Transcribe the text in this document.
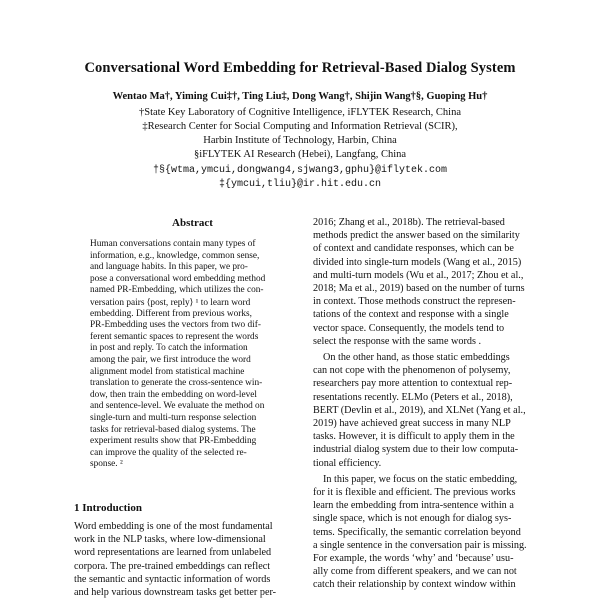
Conversational Word Embedding for Retrieval-Based Dialog System
Wentao Ma†, Yiming Cui‡†, Ting Liu‡, Dong Wang†, Shijin Wang†§, Guoping Hu†
†State Key Laboratory of Cognitive Intelligence, iFLYTEK Research, China
‡Research Center for Social Computing and Information Retrieval (SCIR),
Harbin Institute of Technology, Harbin, China
§iFLYTEK AI Research (Hebei), Langfang, China
†§{wtma,ymcui,dongwang4,sjwang3,gphu}@iflytek.com
‡{ymcui,tliu}@ir.hit.edu.cn
Abstract
Human conversations contain many types of
information, e.g., knowledge, common sense,
and language habits. In this paper, we pro-
pose a conversational word embedding method
named PR-Embedding, which utilizes the con-
versation pairs ⟨post, reply⟩ ¹ to learn word
embedding. Different from previous works,
PR-Embedding uses the vectors from two dif-
ferent semantic spaces to represent the words
in post and reply. To catch the information
among the pair, we first introduce the word
alignment model from statistical machine
translation to generate the cross-sentence win-
dow, then train the embedding on word-level
and sentence-level. We evaluate the method on
single-turn and multi-turn response selection
tasks for retrieval-based dialog systems. The
experiment results show that PR-Embedding
can improve the quality of the selected re-
sponse. ²
1 Introduction
Word embedding is one of the most fundamental
work in the NLP tasks, where low-dimensional
word representations are learned from unlabeled
corpora. The pre-trained embeddings can reflect
the semantic and syntactic information of words
and help various downstream tasks get better per-
2016; Zhang et al., 2018b). The retrieval-based
methods predict the answer based on the similarity
of context and candidate responses, which can be
divided into single-turn models (Wang et al., 2015)
and multi-turn models (Wu et al., 2017; Zhou et al.,
2018; Ma et al., 2019) based on the number of turns
in context. Those methods construct the represen-
tations of the context and response with a single
vector space. Consequently, the models tend to
select the response with the same words .
On the other hand, as those static embeddings
can not cope with the phenomenon of polysemy,
researchers pay more attention to contextual rep-
resentations recently. ELMo (Peters et al., 2018),
BERT (Devlin et al., 2019), and XLNet (Yang et al.,
2019) have achieved great success in many NLP
tasks. However, it is difficult to apply them in the
industrial dialog system due to their low computa-
tional efficiency.
In this paper, we focus on the static embedding,
for it is flexible and efficient. The previous works
learn the embedding from intra-sentence within a
single space, which is not enough for dialog sys-
tems. Specifically, the semantic correlation beyond
a single sentence in the conversation pair is missing.
For example, the words ‘why’ and ‘because’ usu-
ally come from different speakers, and we can not
catch their relationship by context window within
